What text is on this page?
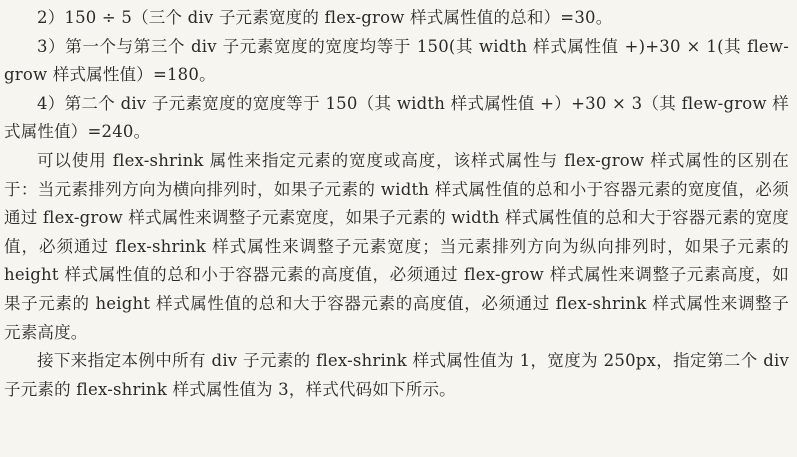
2）150 ÷ 5（三个 div 子元素宽度的 flex-grow 样式属性值的总和）=30。

3）第一个与第三个 div 子元素宽度的宽度均等于 150(其 width 样式属性值 +)+30 × 1(其 flew-grow 样式属性值）=180。

4）第二个 div 子元素宽度的宽度等于 150（其 width 样式属性值 +）+30 × 3（其 flew-grow 样式属性值）=240。

可以使用 flex-shrink 属性来指定元素的宽度或高度，该样式属性与 flex-grow 样式属性的区别在于：当元素排列方向为横向排列时，如果子元素的 width 样式属性值的总和小于容器元素的宽度值，必须通过 flex-grow 样式属性来调整子元素宽度，如果子元素的 width 样式属性值的总和大于容器元素的宽度值，必须通过 flex-shrink 样式属性来调整子元素宽度；当元素排列方向为纵向排列时，如果子元素的 height 样式属性值的总和小于容器元素的高度值，必须通过 flex-grow 样式属性来调整子元素高度，如果子元素的 height 样式属性值的总和大于容器元素的高度值，必须通过 flex-shrink 样式属性来调整子元素高度。

接下来指定本例中所有 div 子元素的 flex-shrink 样式属性值为 1，宽度为 250px，指定第二个 div 子元素的 flex-shrink 样式属性值为 3，样式代码如下所示。
